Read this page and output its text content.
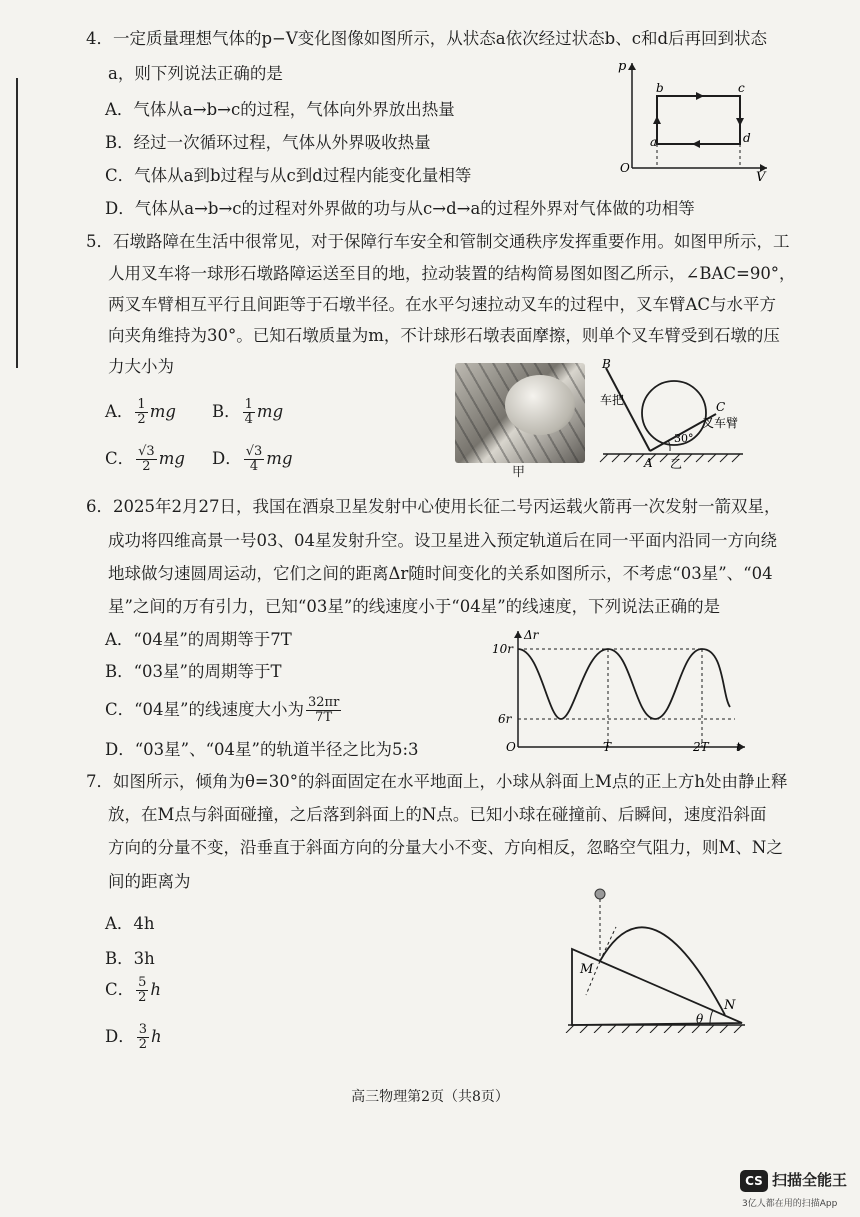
4．一定质量理想气体的p−V变化图像如图所示，从状态a依次经过状态b、c和d后再回到状态
a，则下列说法正确的是
A．气体从a→b→c的过程，气体向外界放出热量
B．经过一次循环过程，气体从外界吸收热量
C．气体从a到b过程与从c到d过程内能变化量相等
D．气体从a→b→c的过程对外界做的功与从c→d→a的过程外界对气体做的功相等
p
V
O
a
b	c
d
5．石墩路障在生活中很常见，对于保障行车安全和管制交通秩序发挥重要作用。如图甲所示，工
人用叉车将一球形石墩路障运送至目的地，拉动装置的结构简易图如图乙所示，∠BAC=90°，
两叉车臂相互平行且间距等于石墩半径。在水平匀速拉动叉车的过程中，叉车臂AC与水平方
向夹角维持为30°。已知石墩质量为m，不计球形石墩表面摩擦，则单个叉车臂受到石墩的压
力大小为
A． $\frac{1}{2}$ mg B． $\frac{1}{4}$ mg
C． $\frac{√3}{2}$ mg D． $\frac{√3}{4}$ mg
甲
B
C
A
车把
叉车臂
30°
乙
6．2025年2月27日，我国在酒泉卫星发射中心使用长征二号丙运载火箭再一次发射一箭双星，
成功将四维高景一号03、04星发射升空。设卫星进入预定轨道后在同一平面内沿同一方向绕
地球做匀速圆周运动，它们之间的距离Δr随时间变化的关系如图所示，不考虑“03星”、“04
星”之间的万有引力，已知“03星”的线速度小于“04星”的线速度，下列说法正确的是
A．“04星”的周期等于7T
B．“03星”的周期等于T
C．“04星”的线速度大小为 $\frac{32\pi r}{7T}$
D．“03星”、“04星”的轨道半径之比为5:3
Δr
10r
6r
O	T	2T t
7．如图所示，倾角为θ=30°的斜面固定在水平地面上，小球从斜面上M点的正上方h处由静止释
放，在M点与斜面碰撞，之后落到斜面上的N点。已知小球在碰撞前、后瞬间，速度沿斜面
方向的分量不变，沿垂直于斜面方向的分量大小不变、方向相反，忽略空气阻力，则M、N之
间的距离为
A．4h
B．3h
C． $\frac{5}{2}$ h
D． $\frac{3}{2}$ h
M
N
θ
高三物理第2页（共8页）
CS 扫描全能王
3亿人都在用的扫描App
